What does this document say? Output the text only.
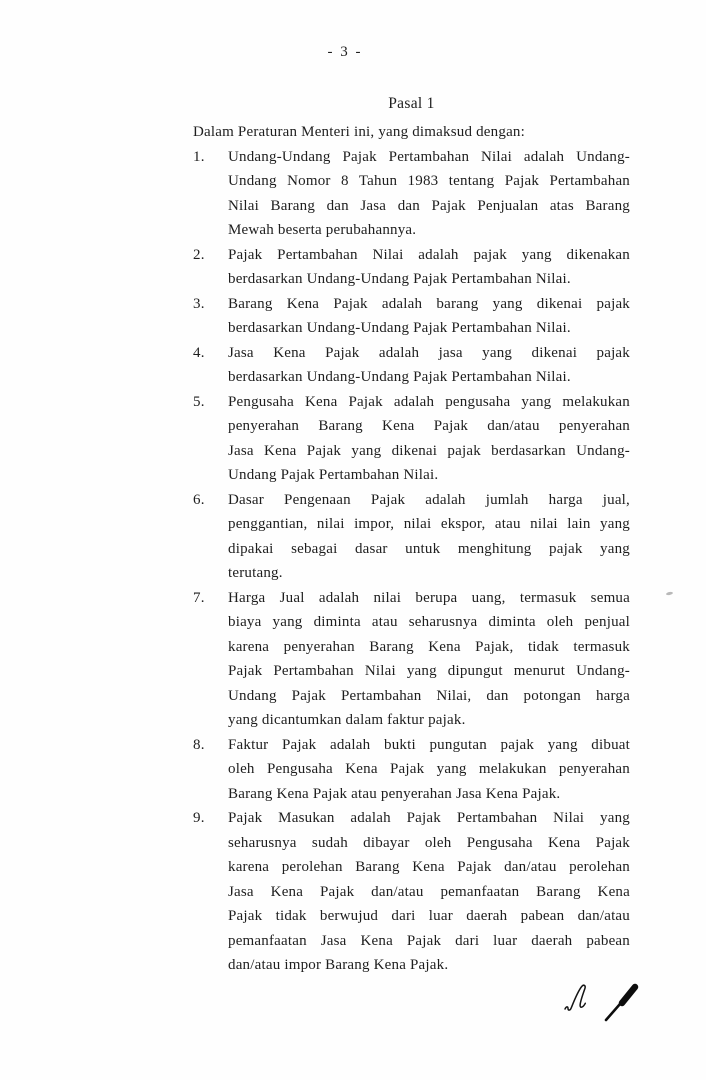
- 3 -
Pasal 1
Dalam Peraturan Menteri ini, yang dimaksud dengan:
1. Undang-Undang Pajak Pertambahan Nilai adalah Undang-
Undang Nomor 8 Tahun 1983 tentang Pajak Pertambahan
Nilai Barang dan Jasa dan Pajak Penjualan atas Barang
Mewah beserta perubahannya.
2. Pajak Pertambahan Nilai adalah pajak yang dikenakan
berdasarkan Undang-Undang Pajak Pertambahan Nilai.
3. Barang Kena Pajak adalah barang yang dikenai pajak
berdasarkan Undang-Undang Pajak Pertambahan Nilai.
4. Jasa Kena Pajak adalah jasa yang dikenai pajak
berdasarkan Undang-Undang Pajak Pertambahan Nilai.
5. Pengusaha Kena Pajak adalah pengusaha yang melakukan
penyerahan Barang Kena Pajak dan/atau penyerahan
Jasa Kena Pajak yang dikenai pajak berdasarkan Undang-
Undang Pajak Pertambahan Nilai.
6. Dasar Pengenaan Pajak adalah jumlah harga jual,
penggantian, nilai impor, nilai ekspor, atau nilai lain yang
dipakai sebagai dasar untuk menghitung pajak yang
terutang.
7. Harga Jual adalah nilai berupa uang, termasuk semua
biaya yang diminta atau seharusnya diminta oleh penjual
karena penyerahan Barang Kena Pajak, tidak termasuk
Pajak Pertambahan Nilai yang dipungut menurut Undang-
Undang Pajak Pertambahan Nilai, dan potongan harga
yang dicantumkan dalam faktur pajak.
8. Faktur Pajak adalah bukti pungutan pajak yang dibuat
oleh Pengusaha Kena Pajak yang melakukan penyerahan
Barang Kena Pajak atau penyerahan Jasa Kena Pajak.
9. Pajak Masukan adalah Pajak Pertambahan Nilai yang
seharusnya sudah dibayar oleh Pengusaha Kena Pajak
karena perolehan Barang Kena Pajak dan/atau perolehan
Jasa Kena Pajak dan/atau pemanfaatan Barang Kena
Pajak tidak berwujud dari luar daerah pabean dan/atau
pemanfaatan Jasa Kena Pajak dari luar daerah pabean
dan/atau impor Barang Kena Pajak.
